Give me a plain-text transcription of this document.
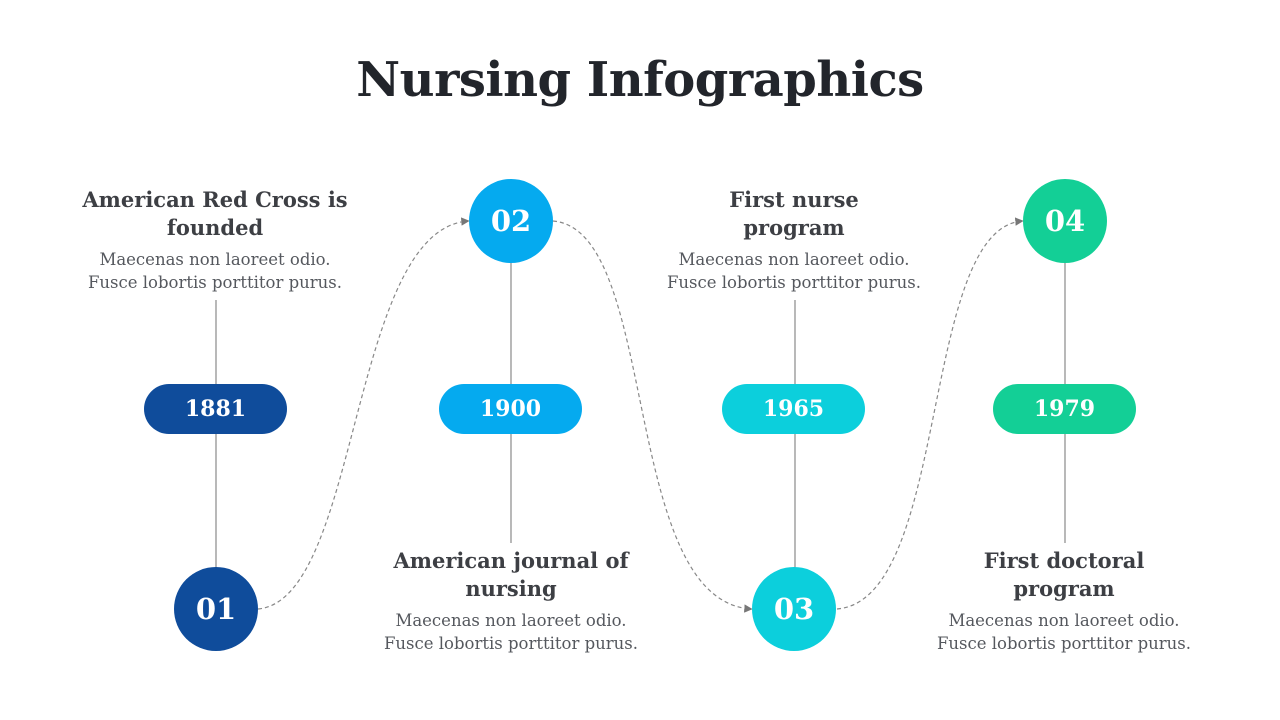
Nursing Infographics
American Red Cross is founded
Maecenas non laoreet odio.
Fusce lobortis porttitor purus.
1881
01
02
1900
American journal of nursing
Maecenas non laoreet odio.
Fusce lobortis porttitor purus.
First nurse program
Maecenas non laoreet odio.
Fusce lobortis porttitor purus.
1965
03
04
1979
First doctoral program
Maecenas non laoreet odio.
Fusce lobortis porttitor purus.
